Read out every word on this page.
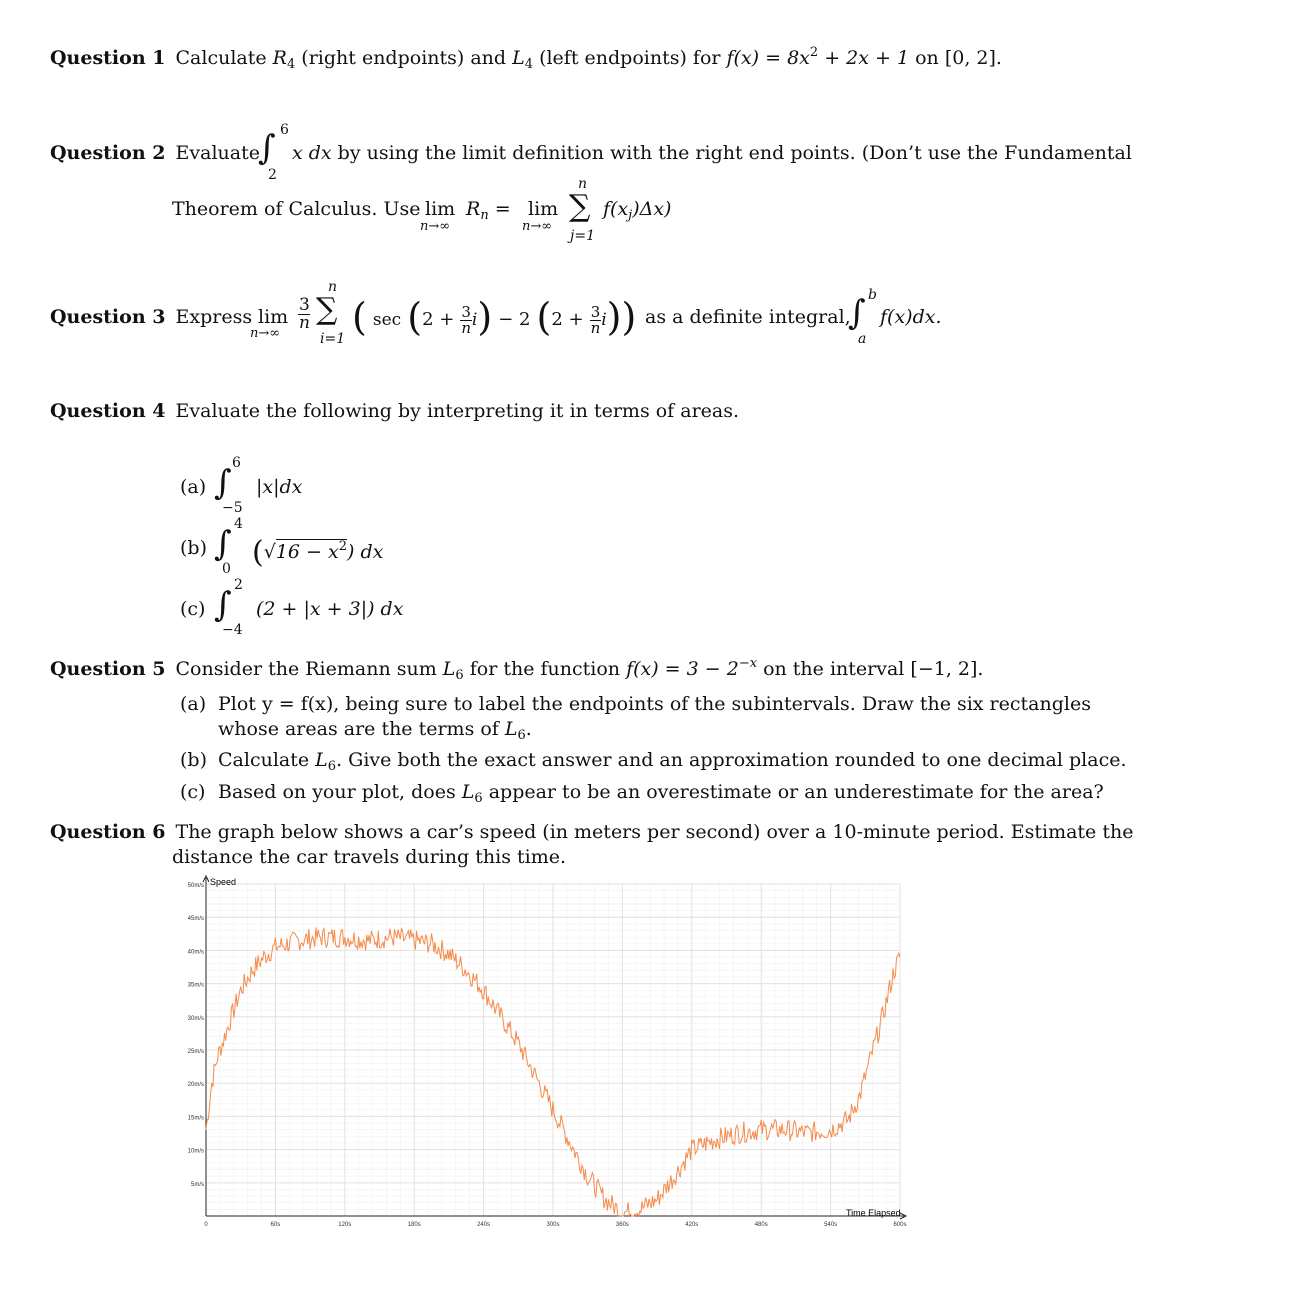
Question 1 Calculate $R_4$ (right endpoints) and $L_4$ (left endpoints) for $f(x) = 8x^2 + 2x + 1$ on [0, 2].
Question 2 Evaluate
∫ 6
2
x dx by using the limit definition with the right end points. (Don’t use the Fundamental
Theorem of Calculus. Use lim
n→∞
$R_n = \lim$
n→∞
n
∑
j=1
$f(x_j)\Delta x$)
Question 3 Express lim
n→∞
3
n
n
∑
i=1 ( $\sec (2 + \frac{3}{n} i) - 2$ $(2 + \frac{3}{n} i)$) as a definite integral,
∫ b
a
f(x)dx.
Question 4 Evaluate the following by interpreting it in terms of areas.
(a) ∫ 6
−5
|x|dx
(b) ∫ 4
0 $(√16 - x^2)$ dx
(c) ∫ 2
−4
(2 + |x + 3|) dx
Question 5 Consider the Riemann sum $L_6$ for the function $f(x) = 3 - 2^{-x}$ on the interval [−1, 2].
(a) Plot y = f(x), being sure to label the endpoints of the subintervals. Draw the six rectangles
whose areas are the terms of $L_6$.
(b) Calculate $L_6$. Give both the exact answer and an approximation rounded to one decimal place.
(c) Based on your plot, does $L_6$ appear to be an overestimate or an underestimate for the area?
Question 6 The graph below shows a car’s speed (in meters per second) over a 10-minute period. Estimate the
distance the car travels during this time.
5m/s
10m/s
15m/s
20m/s
25m/s
30m/s
35m/s
40m/s
45m/s
50m/s
0	60s	120s	180s	240s	300s	360s	420s	480s	540s	600s
Speed
Time Elapsed
